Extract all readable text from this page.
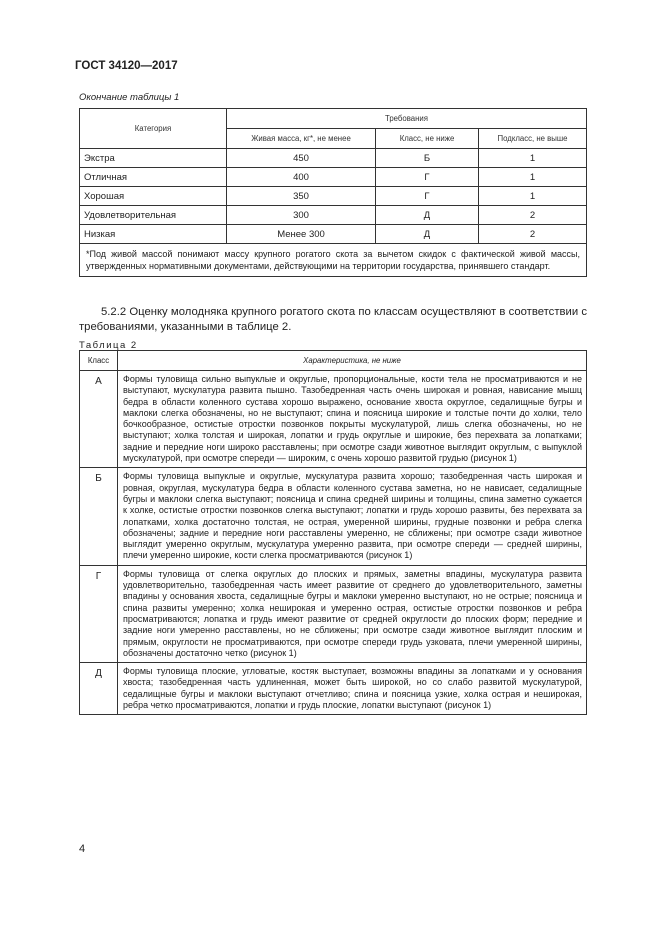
ГОСТ 34120—2017
Окончание таблицы 1
Категория	Требования		
	Живая масса, кг*, не менее	Класс, не ниже	Подкласс, не выше
Экстра	450	Б	1
Отличная	400	Г	1
Хорошая	350	Г	1
Удовлетворительная	300	Д	2
Низкая	Менее 300	Д	2
*Под живой массой понимают массу крупного рогатого скота за вычетом скидок с фактической живой массы, утвержденных нормативными документами, действующими на территории государства, принявшего стандарт.			
5.2.2 Оценку молодняка крупного рогатого скота по классам осуществляют в соответствии с требованиями, указанными в таблице 2.
Таблица 2
Класс	Характеристика, не ниже
А	Формы туловища сильно выпуклые и округлые, пропорциональные, кости тела не просматриваются и не выступают, мускулатура развита пышно. Тазобедренная часть очень широкая и ровная, нависание мышц бедра в области коленного сустава хорошо выражено, основание хвоста округлое, седалищные бугры и маклоки слегка обозначены, но не выступают; спина и поясница широкие и толстые почти до холки, тело бочкообразное, остистые отростки позвонков покрыты мускулатурой, лишь слегка обозначены, но не выступают; холка толстая и широкая, лопатки и грудь округлые и широкие, без перехвата за лопатками; задние и передние ноги широко расставлены; при осмотре сзади животное выглядит округлым, с выпуклой мускулатурой, при осмотре спереди — широким, с очень хорошо развитой грудью (рисунок 1)
Б	Формы туловища выпуклые и округлые, мускулатура развита хорошо; тазобедренная часть широкая и ровная, округлая, мускулатура бедра в области коленного сустава заметна, но не нависает, седалищные бугры и маклоки слегка выступают; поясница и спина средней ширины и толщины, спина заметно сужается к холке, остистые отростки позвонков слегка выступают; лопатки и грудь хорошо развиты, без перехвата за лопатками, холка достаточно толстая, не острая, умеренной ширины, грудные позвонки и ребра слегка обозначены; задние и передние ноги расставлены умеренно, не сближены; при осмотре сзади животное выглядит умеренно округлым, мускулатура умеренно развита, при осмотре спереди — средней ширины, плечи умеренно широкие, кости слегка просматриваются (рисунок 1)
Г	Формы туловища от слегка округлых до плоских и прямых, заметны впадины, мускулатура развита удовлетворительно, тазобедренная часть имеет развитие от среднего до удовлетворительного, заметны впадины у основания хвоста, седалищные бугры и маклоки умеренно выступают, но не острые; поясница и спина развиты умеренно; холка неширокая и умеренно острая, остистые отростки позвонков и ребра просматриваются; лопатка и грудь имеют развитие от средней округлости до плоских форм; передние и задние ноги умеренно расставлены, но не сближены; при осмотре сзади животное выглядит плоским и прямым, округлости не просматриваются, при осмотре спереди грудь узковата, плечи умеренной ширины, обозначены достаточно четко (рисунок 1)
Д	Формы туловища плоские, угловатые, костяк выступает, возможны впадины за лопатками и у основания хвоста; тазобедренная часть удлиненная, может быть широкой, но со слабо развитой мускулатурой, седалищные бугры и маклоки выступают отчетливо; спина и поясница узкие, холка острая и неширокая, ребра четко просматриваются, лопатки и грудь плоские, лопатки выступают (рисунок 1)
4
